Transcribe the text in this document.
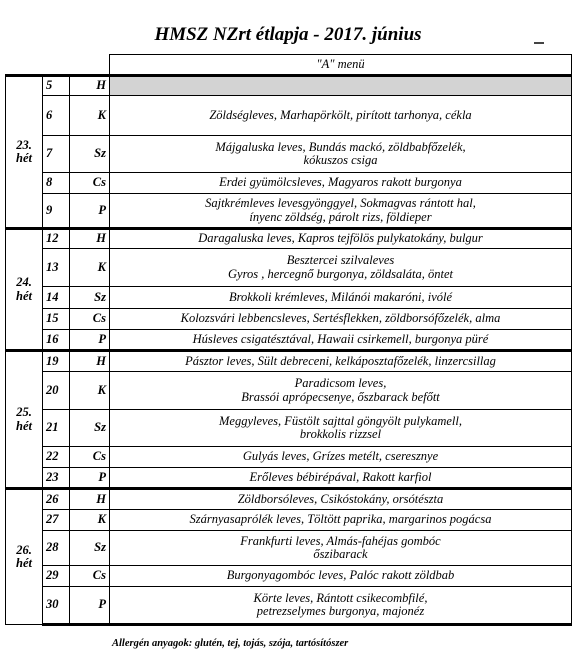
HMSZ NZrt étlapja - 2017. június
			"A" menü

23.
hét	5	H	
	6	K	Zöldségleves, Marhapörkölt, pirított tarhonya, cékla

	7	Sz	Májgaluska leves, Bundás mackó, zöldbabfőzelék,
kókuszos csiga

	8	Cs	Erdei gyümölcsleves, Magyaros rakott burgonya

	9	P	Sajtkrémleves levesgyönggyel, Sokmagvas rántott hal,
ínyenc zöldség, párolt rizs, földieper

24.
hét	12	H	Daragaluska leves, Kapros tejfölös pulykatokány, bulgur

	13	K	Besztercei szilvaleves
Gyros , hercegnő burgonya, zöldsaláta, öntet

	14	Sz	Brokkoli krémleves, Milánói makaróni, ivólé

	15	Cs	Kolozsvári lebbencsleves, Sertésflekken, zöldborsófőzelék, alma

	16	P	Húsleves csigatésztával, Hawaii csirkemell, burgonya püré

25.
hét	19	H	Pásztor leves, Sült debreceni, kelkáposztafőzelék, linzercsillag

	20	K	Paradicsom leves,
Brassói aprópecsenye, őszbarack befőtt

	21	Sz	Meggyleves, Füstölt sajttal göngyölt pulykamell,
brokkolis rizzsel

	22	Cs	Gulyás leves, Grízes metélt, cseresznye

	23	P	Erőleves bébirépával, Rakott karfiol

26.
hét	26	H	Zöldborsóleves, Csikóstokány, orsótészta

	27	K	Szárnyasaprólék leves, Töltött paprika, margarinos pogácsa

	28	Sz	Frankfurti leves, Almás-fahéjas gombóc
őszibarack

	29	Cs	Burgonyagombóc leves, Palóc rakott zöldbab

	30	P	Körte leves, Rántott csikecombfilé,
petrezselymes burgonya, majonéz
Allergén anyagok: glutén, tej, tojás, szója, tartósítószer
